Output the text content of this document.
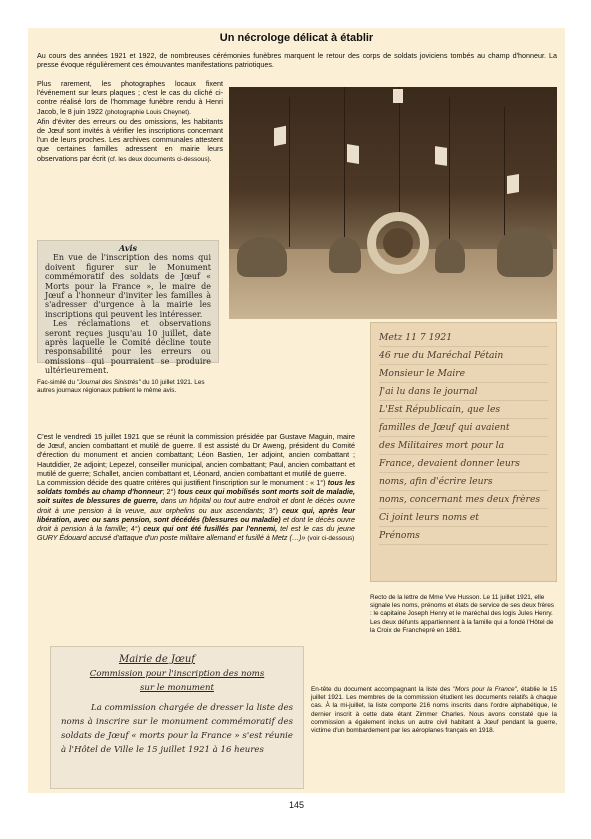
Un nécrologe délicat à établir
Au cours des années 1921 et 1922, de nombreuses cérémonies funèbres marquent le retour des corps de soldats joviciens tombés au champ d'honneur. La presse évoque régulièrement ces émouvantes manifestations patriotiques.

Plus rarement, les photographes locaux fixent l'événement sur leurs plaques ; c'est le cas du cliché ci-contre réalisé lors de l'hommage funèbre rendu à Henri Jacob, le 8 juin 1922 (photographie Louis Cheynet).

Afin d'éviter des erreurs ou des omissions, les habitants de Jœuf sont invités à vérifier les inscriptions concernant l'un de leurs proches. Les archives communales attestent que certaines familles adressent en mairie leurs observations par écrit (cf. les deux documents ci-dessous).

Avis

En vue de l'inscription des noms qui doivent figurer sur le Monument commémoratif des soldats de Jœuf « Morts pour la France », le maire de Jœuf a l'honneur d'inviter les familles à s'adresser d'urgence à la mairie les inscriptions qui peuvent les intéresser.

Les réclamations et observations seront reçues jusqu'au 10 juillet, date après laquelle le Comité décline toute responsabilité pour les erreurs ou omissions qui pourraient se produire ultérieurement.

Fac-similé du "Journal des Sinistrés" du 10 juillet 1921. Les autres journaux régionaux publient le même avis.
Metz 11 7 1921
46 rue du Maréchal Pétain
Monsieur le Maire
J'ai lu dans le journal
L'Est Républicain, que les
familles de Jœuf qui avaient
des Militaires mort pour la
France, devaient donner leurs
noms, afin d'écrire leurs
noms, concernant mes deux frères
Ci joint leurs noms et
Prénoms
Recto de la lettre de Mme Vve Husson. Le 11 juillet 1921, elle signale les noms, prénoms et états de service de ses deux frères : le capitaine Joseph Henry et le maréchal des logis Jules Henry. Les deux défunts appartiennent à la famille qui a fondé l'Hôtel de la Croix de Franchepré en 1881.

C'est le vendredi 15 juillet 1921 que se réunit la commission présidée par Gustave Maguin, maire de Jœuf, ancien combattant et mutilé de guerre. Il est assisté du Dr Aweng, président du Comité d'érection du monument et ancien combattant; Léon Bastien, 1er adjoint, ancien combattant ; Hautdidier, 2e adjoint; Lepezel, conseiller municipal, ancien combattant; Paul, ancien combattant et mutilé de guerre; Schallet, ancien combattant et, Léonard, ancien combattant et mutilé de guerre.

La commission décide des quatre critères qui justifient l'inscription sur le monument : « 1°) tous les soldats tombés au champ d'honneur; 2°) tous ceux qui mobilisés sont morts soit de maladie, soit suites de blessures de guerre, dans un hôpital ou tout autre endroit et dont le décès ouvre droit à une pension à la veuve, aux orphelins ou aux ascendants; 3°) ceux qui, après leur libération, avec ou sans pension, sont décédés (blessures ou maladie) et dont le décès ouvre droit à pension à la famille; 4°) ceux qui ont été fusillés par l'ennemi, tel est le cas du jeune GURY Édouard accusé d'attaque d'un poste militaire allemand et fusillé à Metz (…)» (voir ci-dessous)

Mairie de Jœuf
Commission pour l'inscription des noms
sur le monument
La commission chargée de dresser la liste des noms à inscrire sur le monument commémoratif des soldats de Jœuf « morts pour la France » s'est réunie à l'Hôtel de Ville le 15 juillet 1921 à 16 heures
En-tête du document accompagnant la liste des "Mors pour la France", établie le 15 juillet 1921. Les membres de la commission étudient les documents relatifs à chaque cas. À la mi-juillet, la liste comporte 216 noms inscrits dans l'ordre alphabétique, le dernier inscrit à cette date étant Zimmer Charles. Nous avons constaté que la commission a également inclus un autre civil habitant à Jœuf pendant la guerre, victime d'un bombardement par les aéroplanes français en 1918.
145
